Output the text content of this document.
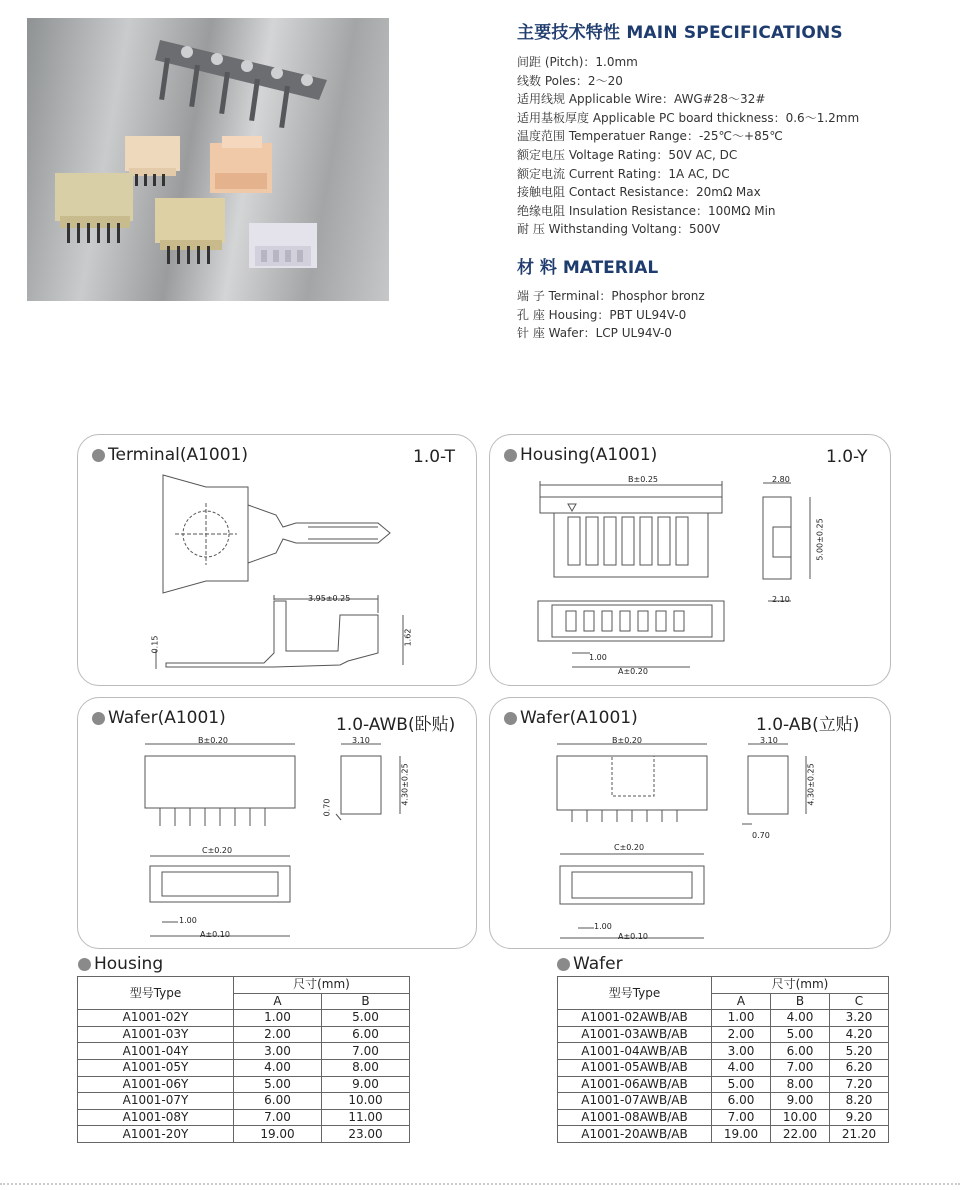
主要技术特性 MAIN SPECIFICATIONS
间距 (Pitch)：1.0mm
线数 Poles：2～20
适用线规 Applicable Wire：AWG#28～32#
适用基板厚度 Applicable PC board thickness：0.6～1.2mm
温度范围 Temperatuer Range：-25℃～+85℃
额定电压 Voltage Rating：50V AC, DC
额定电流 Current Rating：1A AC, DC
接触电阻 Contact Resistance：20mΩ Max
绝缘电阻 Insulation Resistance：100MΩ Min
耐 压 Withstanding Voltang：500V
材 料 MATERIAL
端 子 Terminal：Phosphor bronz
孔 座 Housing：PBT UL94V-0
针 座 Wafer：LCP UL94V-0
Terminal(A1001)	1.0-T
3.95±0.25
0.15	1.62
Housing(A1001)	1.0-Y
B±0.25	2.80
5.00±0.25
2.10
1.00
A±0.20
Wafer(A1001)	1.0-AWB(卧贴)
B±0.20	3.10
4.30±0.25
0.70
C±0.20
1.00
A±0.10
Wafer(A1001)	1.0-AB(立贴)
B±0.20	3.10
4.30±0.25
0.70
C±0.20
1.00
A±0.10
Housing
型号Type	尺寸(mm)	
	A	B
A1001-02Y	1.00	5.00
A1001-03Y	2.00	6.00
A1001-04Y	3.00	7.00
A1001-05Y	4.00	8.00
A1001-06Y	5.00	9.00
A1001-07Y	6.00	10.00
A1001-08Y	7.00	11.00
A1001-20Y	19.00	23.00
Wafer
型号Type	尺寸(mm)		
	A	B	C
A1001-02AWB/AB	1.00	4.00	3.20
A1001-03AWB/AB	2.00	5.00	4.20
A1001-04AWB/AB	3.00	6.00	5.20
A1001-05AWB/AB	4.00	7.00	6.20
A1001-06AWB/AB	5.00	8.00	7.20
A1001-07AWB/AB	6.00	9.00	8.20
A1001-08AWB/AB	7.00	10.00	9.20
A1001-20AWB/AB	19.00	22.00	21.20
